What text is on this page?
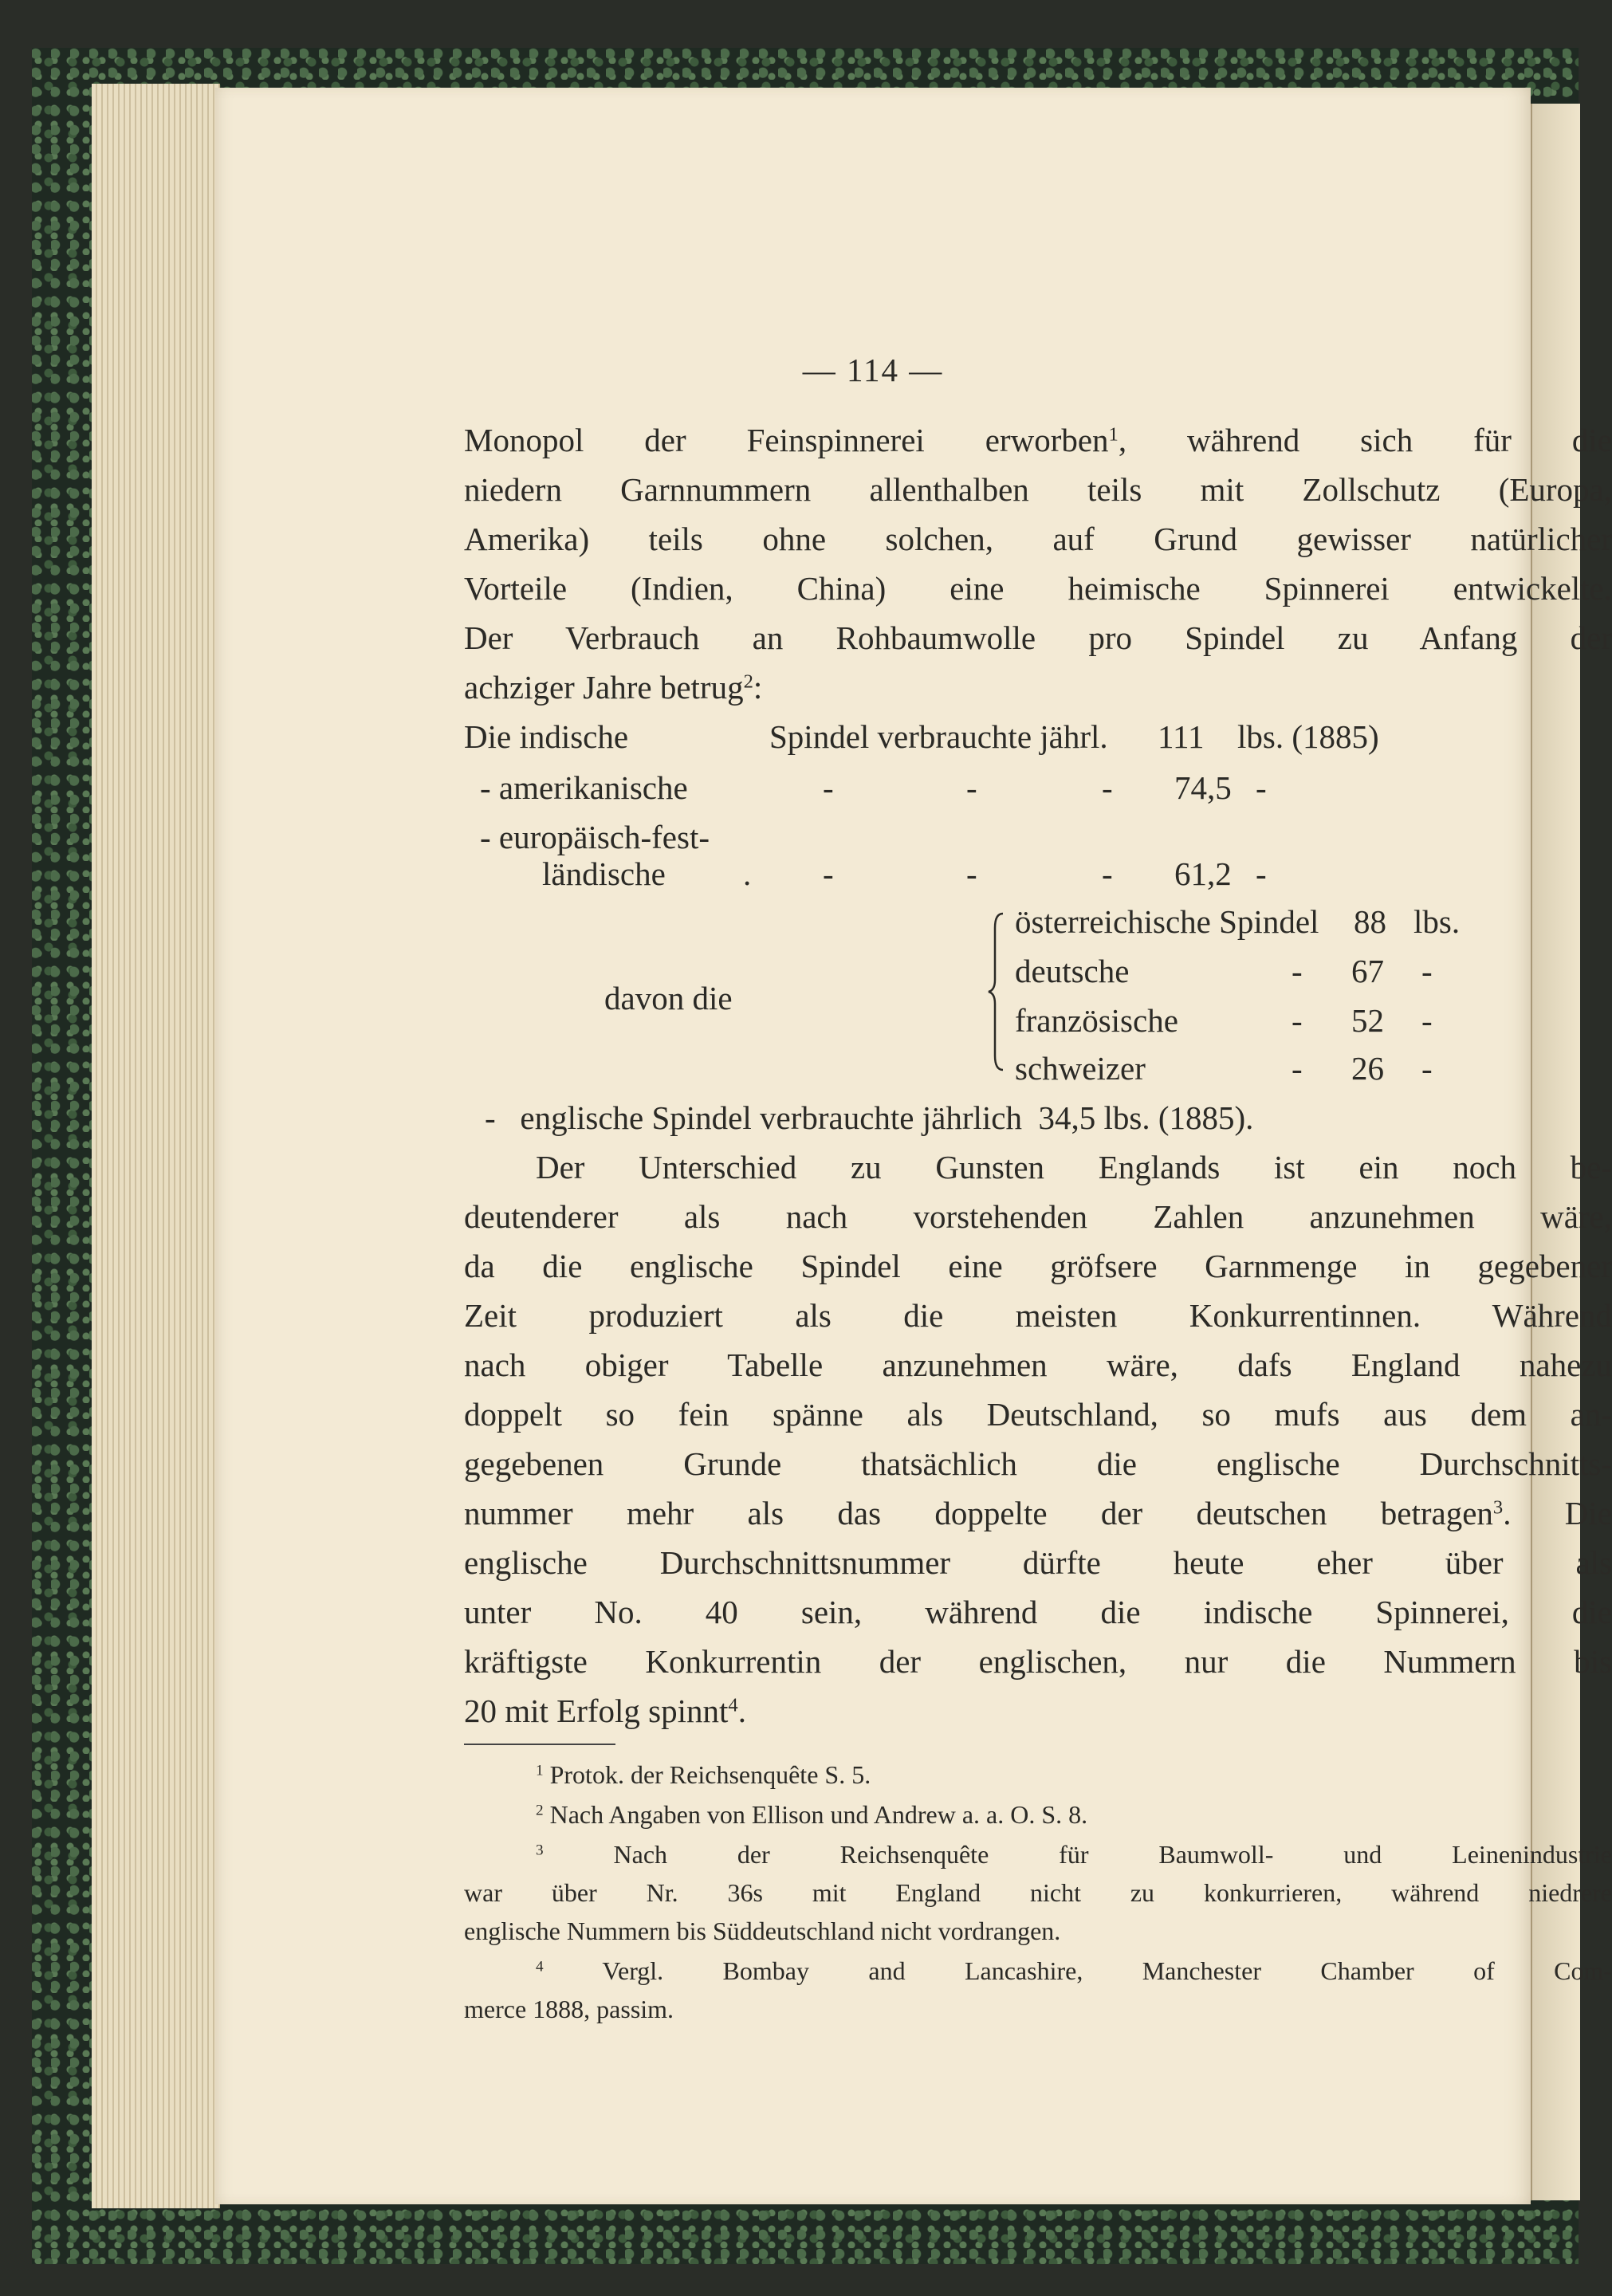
— 114 —
Monopol der Feinspinnerei erworben$^1$, während sich für die
niedern Garnnummern allenthalben teils mit Zollschutz (Europa,
Amerika) teils ohne solchen, auf Grund gewisser natürlicher
Vorteile (Indien, China) eine heimische Spinnerei entwickelte.
Der Verbrauch an Rohbaumwolle pro Spindel zu Anfang der
achziger Jahre betrug$^2$:
Die indische	Spindel verbrauchte jährl. 111 lbs. (1885)
- amerikanische	-	-	- 74,5 -
- europäisch-fest-
ländische . -	-	- 61,2 -
davon die
österreichische Spindel 88 lbs.
deutsche	- 67 -
französische	- 52 -
schweizer	- 26 -
-   englische Spindel verbrauchte jährlich  34,5 lbs. (1885).
Der Unterschied zu Gunsten Englands ist ein noch be-
deutenderer als nach vorstehenden Zahlen anzunehmen wäre,
da die englische Spindel eine gröfsere Garnmenge in gegebener
Zeit produziert als die meisten Konkurrentinnen. Während
nach obiger Tabelle anzunehmen wäre, dafs England nahezu
doppelt so fein spänne als Deutschland, so mufs aus dem an-
gegebenen Grunde thatsächlich die englische Durchschnitts-
nummer mehr als das doppelte der deutschen betragen$^3$. Die
englische Durchschnittsnummer dürfte heute eher über als
unter No. 40 sein, während die indische Spinnerei, die
kräftigste Konkurrentin der englischen, nur die Nummern bis
20 mit Erfolg spinnt$^4$.
$^1$ Protok. der Reichsenquête S. 5.
$^2$ Nach Angaben von Ellison und Andrew a. a. O. S. 8.
$^3$	Nach der Reichsenquête für Baumwoll- und Leinenindustrie
war über Nr. 36s mit England nicht zu konkurrieren, während niedrere
englische Nummern bis Süddeutschland nicht vordrangen.
$^4$ Vergl. Bombay and Lancashire, Manchester Chamber of Com-
merce 1888, passim.
